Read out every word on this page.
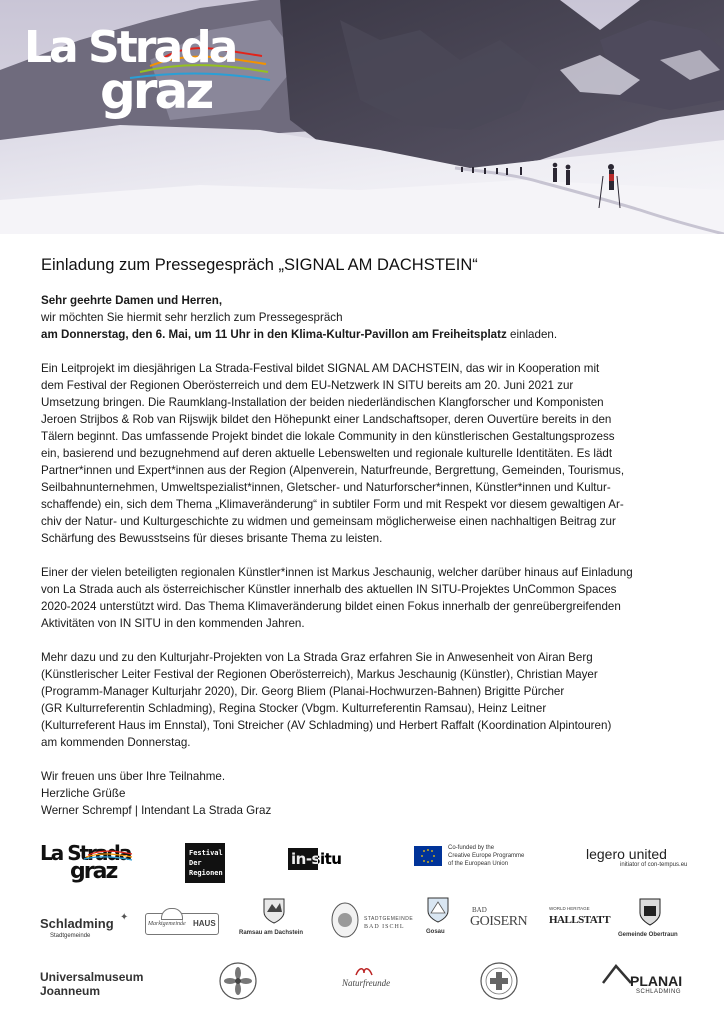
La Strada
graz
Einladung zum Pressegespräch „SIGNAL AM DACHSTEIN“
Sehr geehrte Damen und Herren,
wir möchten Sie hiermit sehr herzlich zum Pressegespräch
am Donnerstag, den 6. Mai, um 11 Uhr in den Klima-Kultur-Pavillon am Freiheitsplatz einladen.
Ein Leitprojekt im diesjährigen La Strada-Festival bildet SIGNAL AM DACHSTEIN, das wir in Kooperation mit
dem Festival der Regionen Oberösterreich und dem EU-Netzwerk IN SITU bereits am 20. Juni 2021 zur
Umsetzung bringen. Die Raumklang-Installation der beiden niederländischen Klangforscher und Komponisten
Jeroen Strijbos & Rob van Rijswijk bildet den Höhepunkt einer Landschaftsoper, deren Ouvertüre bereits in den
Tälern beginnt. Das umfassende Projekt bindet die lokale Community in den künstlerischen Gestaltungsprozess
ein, basierend und bezugnehmend auf deren aktuelle Lebenswelten und regionale kulturelle Identitäten. Es lädt
Partner*innen und Expert*innen aus der Region (Alpenverein, Naturfreunde, Bergrettung, Gemeinden, Tourismus,
Seilbahnunternehmen, Umweltspezialist*innen, Gletscher- und Naturforscher*innen, Künstler*innen und Kultur-
schaffende) ein, sich dem Thema „Klimaveränderung“ in subtiler Form und mit Respekt vor diesem gewaltigen Ar-
chiv der Natur- und Kulturgeschichte zu widmen und gemeinsam möglicherweise einen nachhaltigen Beitrag zur
Schärfung des Bewusstseins für dieses brisante Thema zu leisten.
Einer der vielen beteiligten regionalen Künstler*innen ist Markus Jeschaunig, welcher darüber hinaus auf Einladung
von La Strada auch als österreichischer Künstler innerhalb des aktuellen IN SITU-Projektes UnCommon Spaces
2020-2024 unterstützt wird. Das Thema Klimaveränderung bildet einen Fokus innerhalb der genreübergreifenden
Aktivitäten von IN SITU in den kommenden Jahren.
Mehr dazu und zu den Kulturjahr-Projekten von La Strada Graz erfahren Sie in Anwesenheit von Airan Berg
(Künstlerischer Leiter Festival der Regionen Oberösterreich), Markus Jeschaunig (Künstler), Christian Mayer
(Programm-Manager Kulturjahr 2020), Dir. Georg Bliem (Planai-Hochwurzen-Bahnen) Brigitte Pürcher
(GR Kulturreferentin Schladming), Regina Stocker (Vbgm. Kulturreferentin Ramsau), Heinz Leitner
(Kulturreferent Haus im Ennstal), Toni Streicher (AV Schladming) und Herbert Raffalt (Koordination Alpintouren)
am kommenden Donnerstag.
Wir freuen uns über Ihre Teilnahme.
Herzliche Grüße
Werner Schrempf | Intendant La Strada Graz
La Strada
graz
Festival
Der
Regionen
in-situ
Co-funded by the
Creative Europe Programme
of the European Union
legero united
initiator of con-tempus.eu
Schladming
Stadtgemeinde
✦
Marktgemeinde HAUS
Ramsau am Dachstein
STADTGEMEINDE
BAD ISCHL
Gosau
BAD
GOISERN
WORLD HERITAGE
HALLSTATT
Gemeinde Obertraun
Universalmuseum
Joanneum
Naturfreunde	PLANAI
SCHLADMING
